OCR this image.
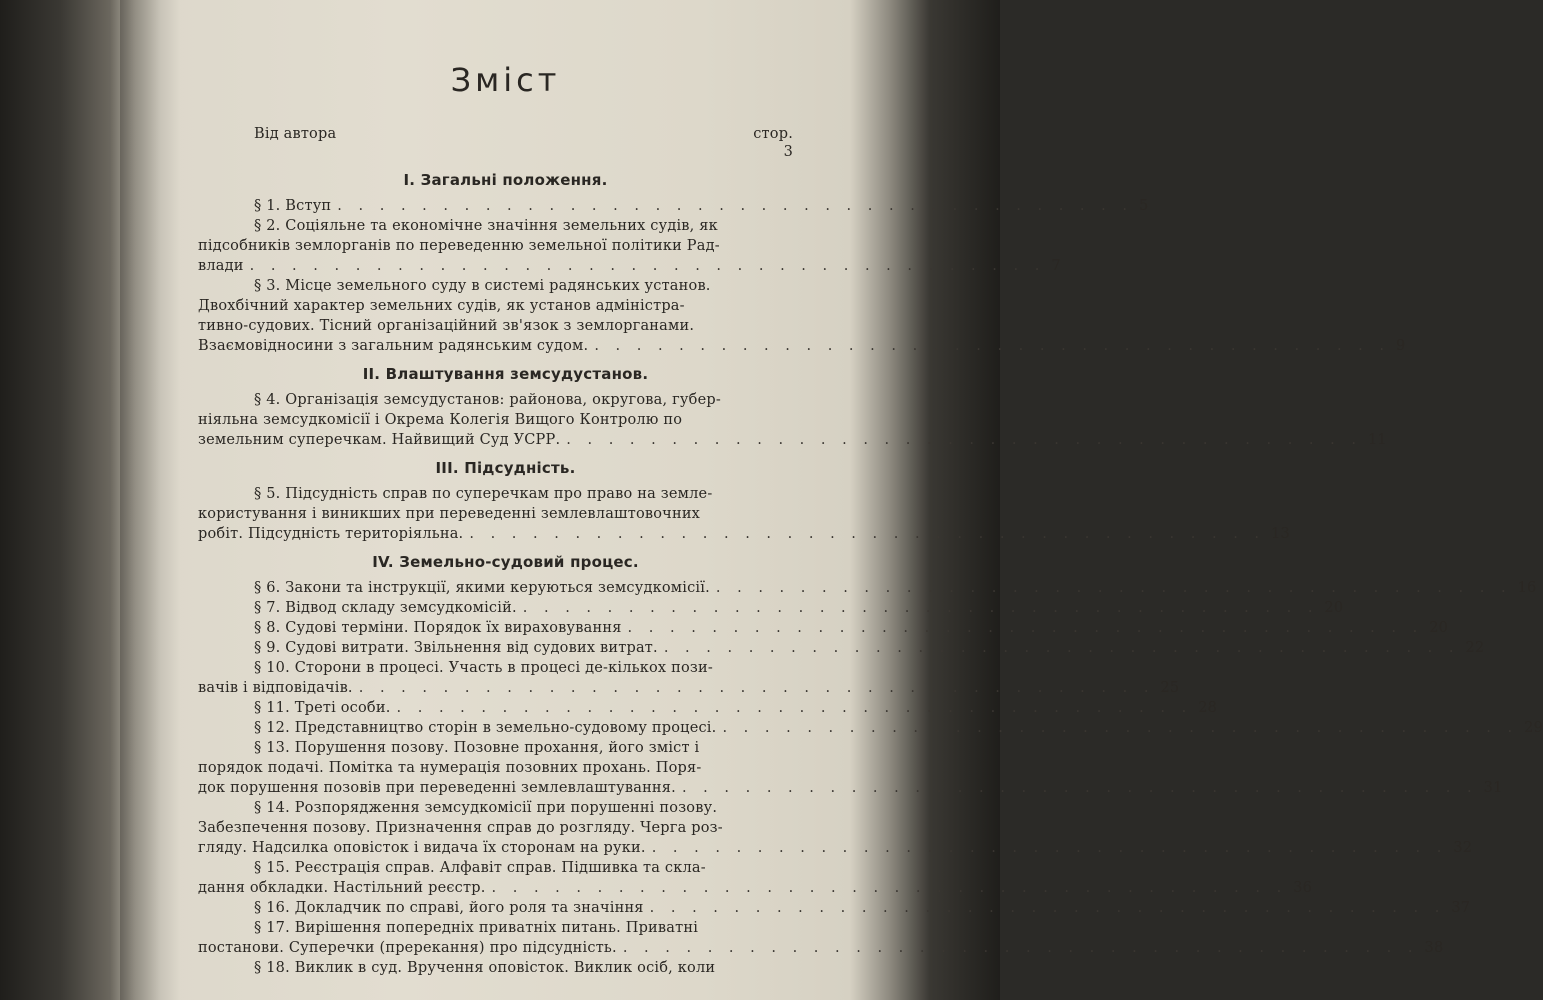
Зміст
Від автора	стор.
3
І. Загальні положення.
§ 1. Вступ . . . . . . . . . . . . . . . . . . . . . . . . . . . . . . . . . . . . . . 5
§ 2. Соціяльне та економічне значіння земельних судів, як
підсобників землорганів по переведенню земельної політики Рад-
влади . . . . . . . . . . . . . . . . . . . . . . . . . . . . . . . . . . . . . . 7
§ 3. Місце земельного суду в системі радянських установ.
Двохбічний характер земельних судів, як установ адміністра-
тивно-судових. Тісний організаційний зв'язок з землорганами.
Взаємовідносини з загальним радянським судом. . . . . . . . . . . . . . . . . . . . . . . . . . . . . . . . . . . . . . . 9
II. Влаштування земсудустанов.
§ 4. Організація земсудустанов: районова, округова, губер-
ніяльна земсудкомісії і Окрема Колегія Вищого Контролю по
земельним суперечкам. Найвищий Суд УСРР. . . . . . . . . . . . . . . . . . . . . . . . . . . . . . . . . . . . . . . 11
III. Підсудність.
§ 5. Підсудність справ по суперечкам про право на земле-
користування і виникших при переведенні землевлаштовочних
робіт. Підсудність територіяльна. . . . . . . . . . . . . . . . . . . . . . . . . . . . . . . . . . . . . . . 13
IV. Земельно-судовий процес.
§ 6. Закони та інструкції, якими керуються земсудкомісії. . . . . . . . . . . . . . . . . . . . . . . . . . . . . . . . . . . . . . . 16
§ 7. Відвод складу земсудкомісій. . . . . . . . . . . . . . . . . . . . . . . . . . . . . . . . . . . . . . . 20
§ 8. Судові терміни. Порядок їх вираховування . . . . . . . . . . . . . . . . . . . . . . . . . . . . . . . . . . . . . . 20
§ 9. Судові витрати. Звільнення від судових витрат. . . . . . . . . . . . . . . . . . . . . . . . . . . . . . . . . . . . . . . 22
§ 10. Сторони в процесі. Участь в процесі де-кількох пози-
вачів і відповідачів. . . . . . . . . . . . . . . . . . . . . . . . . . . . . . . . . . . . . . . 25
§ 11. Треті особи. . . . . . . . . . . . . . . . . . . . . . . . . . . . . . . . . . . . . . . 28
§ 12. Представництво сторін в земельно-судовому процесі. . . . . . . . . . . . . . . . . . . . . . . . . . . . . . . . . . . . . . . 29
§ 13. Порушення позову. Позовне прохання, його зміст і
порядок подачі. Помітка та нумерація позовних прохань. Поря-
док порушення позовів при переведенні землевлаштування. . . . . . . . . . . . . . . . . . . . . . . . . . . . . . . . . . . . . . . 31
§ 14. Розпорядження земсудкомісії при порушенні позову.
Забезпечення позову. Призначення справ до розгляду. Черга роз-
гляду. Надсилка оповісток і видача їх сторонам на руки. . . . . . . . . . . . . . . . . . . . . . . . . . . . . . . . . . . . . . . 32
§ 15. Реєстрація справ. Алфавіт справ. Підшивка та скла-
дання обкладки. Настільний реєстр. . . . . . . . . . . . . . . . . . . . . . . . . . . . . . . . . . . . . . . 36
§ 16. Докладчик по справі, його роля та значіння . . . . . . . . . . . . . . . . . . . . . . . . . . . . . . . . . . . . . . 37
§ 17. Вирішення попередніх приватніх питань. Приватні
постанови. Суперечки (пререкання) про підсудність. . . . . . . . . . . . . . . . . . . . . . . . . . . . . . . . . . . . . . . 38
§ 18. Виклик в суд. Вручення оповісток. Виклик осіб, коли
